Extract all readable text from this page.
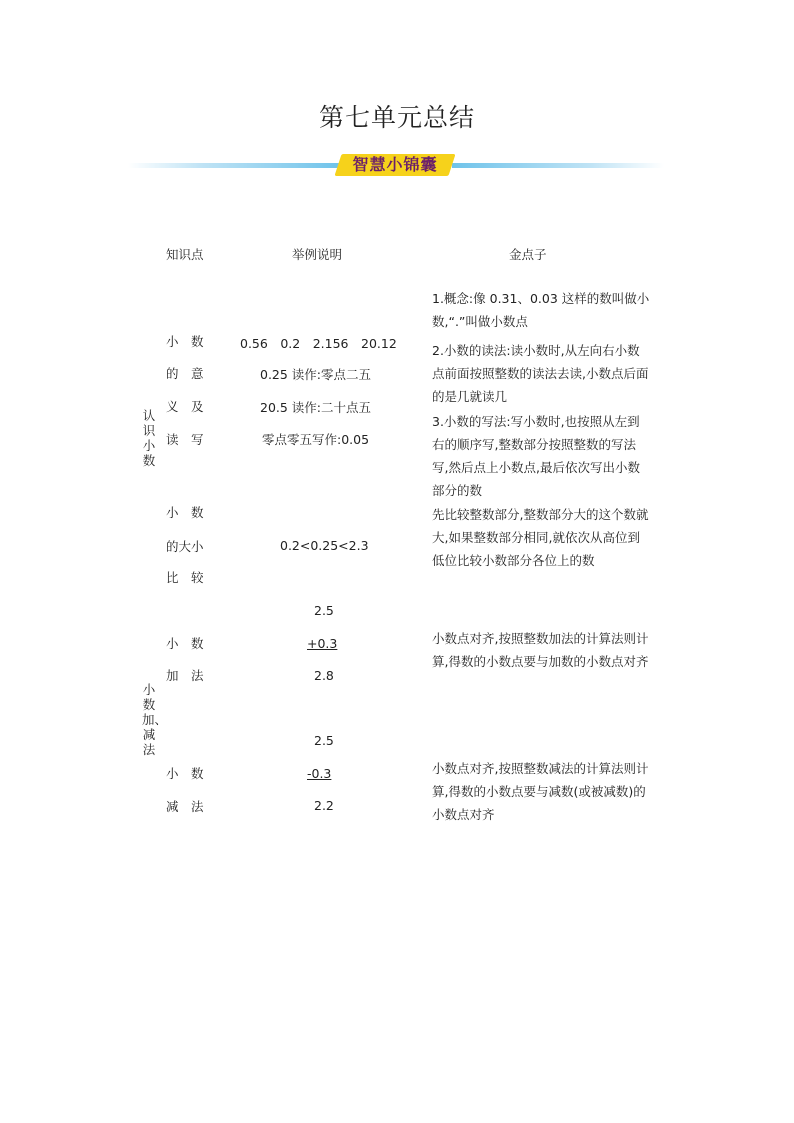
第七单元总结
智慧小锦囊
知识点	举例说明	金点子
认识小数
小数加、减法
小　数
的　意
义　及
读　写
0.56　0.2　2.156　20.12
0.25 读作:零点二五
20.5 读作:二十点五
零点零五写作:0.05
1.概念:像 0.31、0.03 这样的数叫做小数,“.”叫做小数点
2.小数的读法:读小数时,从左向右小数点前面按照整数的读法去读,小数点后面的是几就读几
3.小数的写法:写小数时,也按照从左到右的顺序写,整数部分按照整数的写法写,然后点上小数点,最后依次写出小数部分的数
小　数
的大小
比　较
0.2<0.25<2.3
先比较整数部分,整数部分大的这个数就大,如果整数部分相同,就依次从高位到低位比较小数部分各位上的数
小　数
加　法
2.5
+0.3
2.8
小数点对齐,按照整数加法的计算法则计算,得数的小数点要与加数的小数点对齐
小　数
减　法
2.5
-0.3
2.2
小数点对齐,按照整数减法的计算法则计算,得数的小数点要与减数(或被减数)的小数点对齐
